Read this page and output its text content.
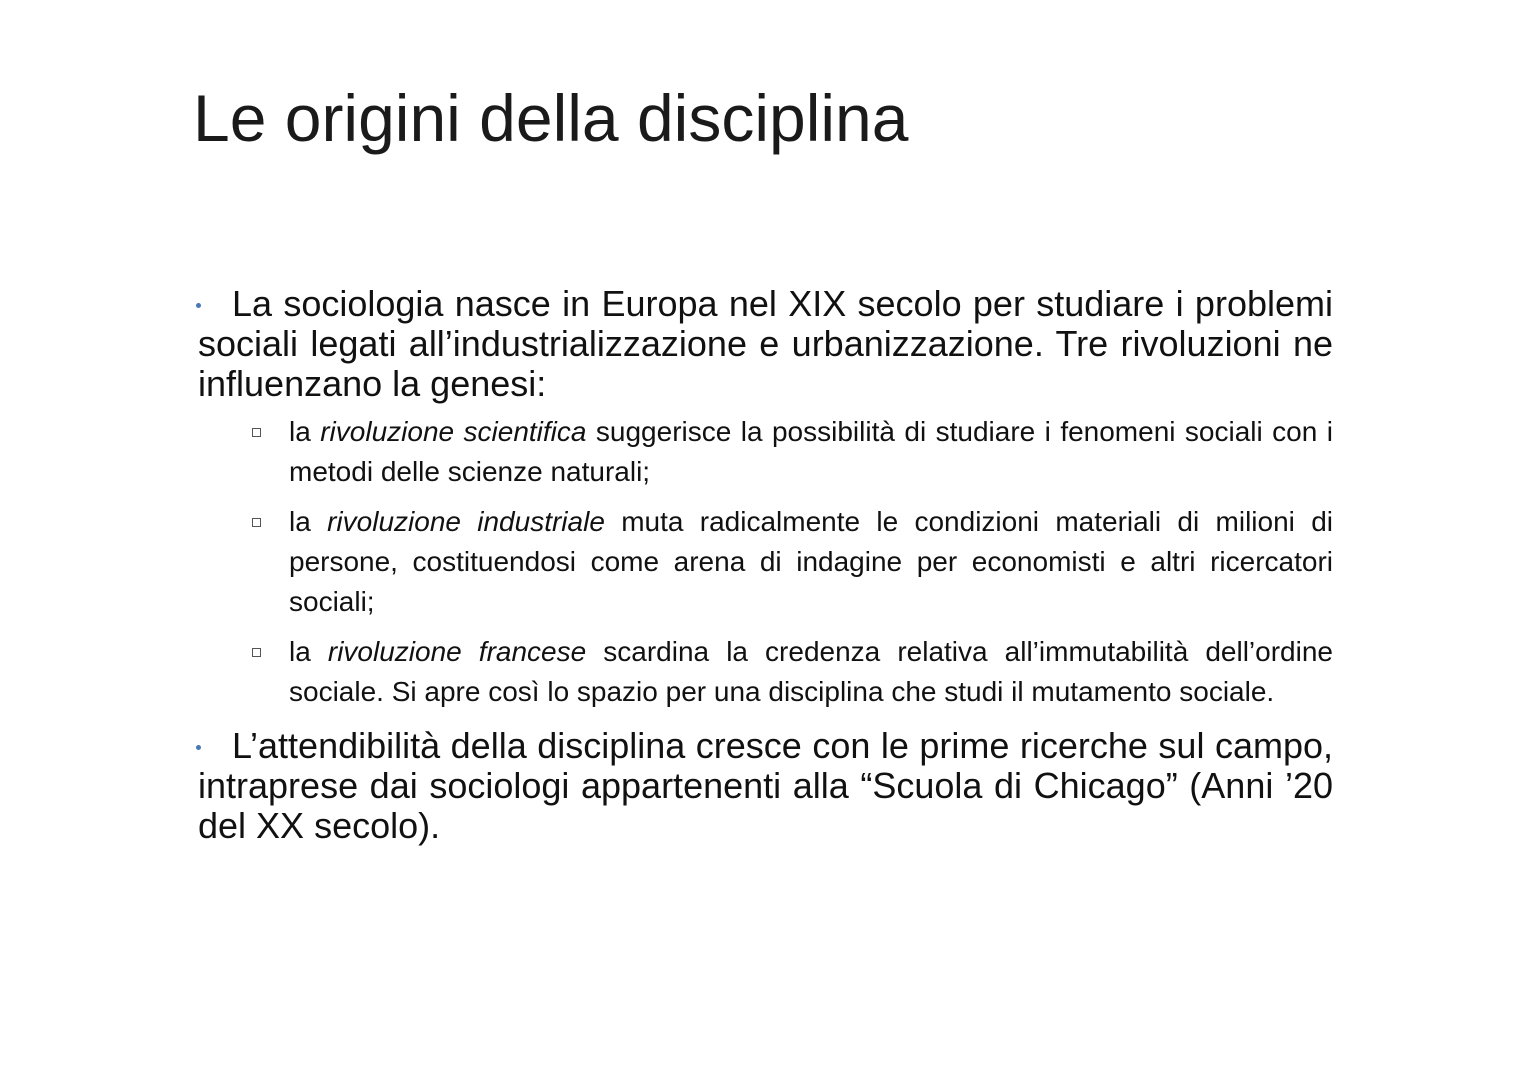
Le origini della disciplina

La sociologia nasce in Europa nel XIX secolo per studiare i problemi sociali legati all’industrializzazione e urbanizzazione. Tre rivoluzioni ne influenzano la genesi:

la rivoluzione scientifica suggerisce la possibilità di studiare i fenomeni sociali con i metodi delle scienze naturali;
la rivoluzione industriale muta radicalmente le condizioni materiali di milioni di persone, costituendosi come arena di indagine per economisti e altri ricercatori sociali;
la rivoluzione francese scardina la credenza relativa all’immutabilità dell’ordine sociale. Si apre così lo spazio per una disciplina che studi il mutamento sociale.

L’attendibilità della disciplina cresce con le prime ricerche sul campo, intraprese dai sociologi appartenenti alla “Scuola di Chicago” (Anni ’20 del XX secolo).
